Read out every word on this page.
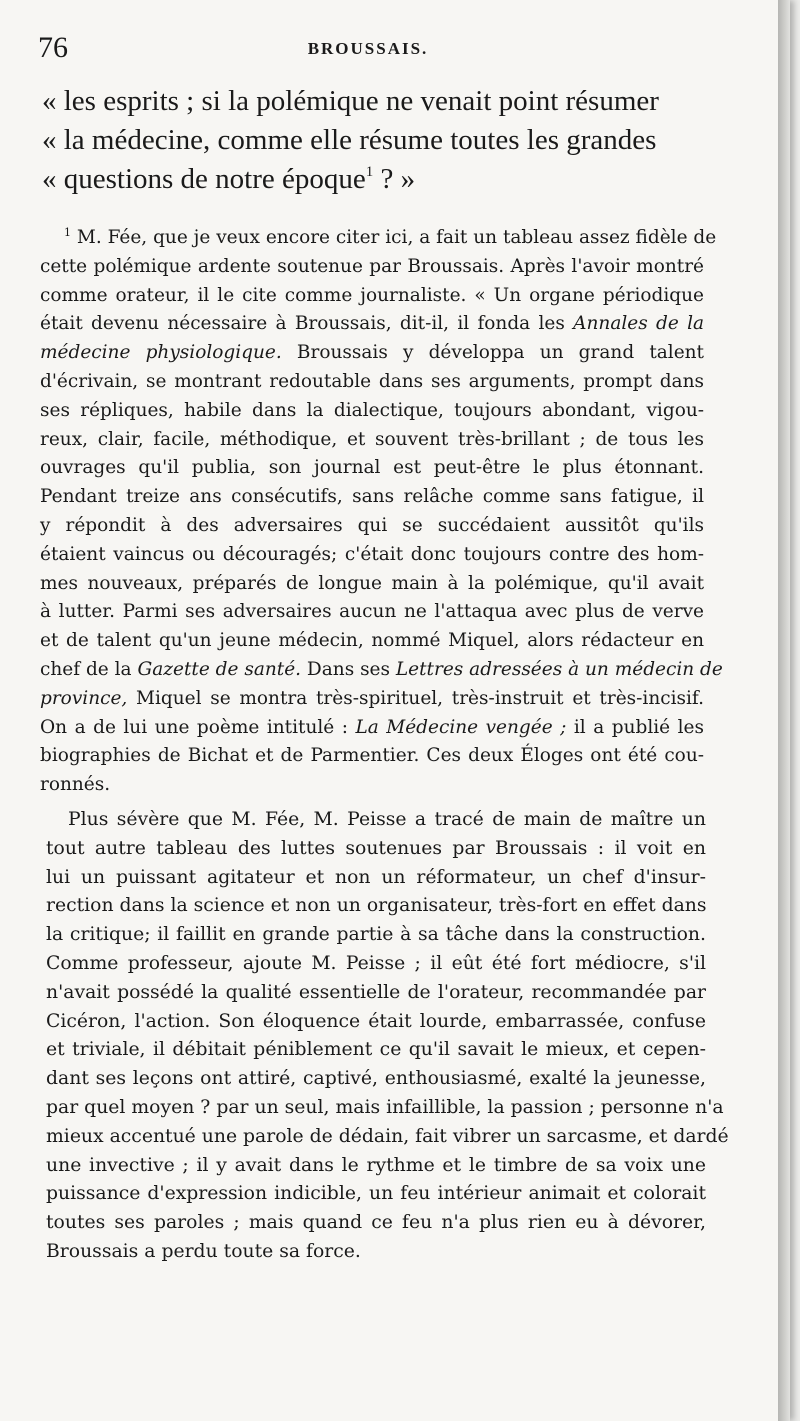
76	BROUSSAIS.
« les esprits ; si la polémique ne venait point résumer
« la médecine, comme elle résume toutes les grandes
« questions de notre époque$^1$ ? »
$^1$ M. Fée, que je veux encore citer ici, a fait un tableau assez fidèle de
cette polémique ardente soutenue par Broussais. Après l'avoir montré
comme orateur, il le cite comme journaliste. « Un organe périodique
était devenu nécessaire à Broussais, dit-il, il fonda les Annales de la
médecine physiologique. Broussais y développa un grand talent
d'écrivain, se montrant redoutable dans ses arguments, prompt dans
ses répliques, habile dans la dialectique, toujours abondant, vigou-
reux, clair, facile, méthodique, et souvent très-brillant ; de tous les
ouvrages qu'il publia, son journal est peut-être le plus étonnant.
Pendant treize ans consécutifs, sans relâche comme sans fatigue, il
y répondit à des adversaires qui se succédaient aussitôt qu'ils
étaient vaincus ou découragés; c'était donc toujours contre des hom-
mes nouveaux, préparés de longue main à la polémique, qu'il avait
à lutter. Parmi ses adversaires aucun ne l'attaqua avec plus de verve
et de talent qu'un jeune médecin, nommé Miquel, alors rédacteur en
chef de la Gazette de santé. Dans ses Lettres adressées à un médecin de
province, Miquel se montra très-spirituel, très-instruit et très-incisif.
On a de lui une poème intitulé : La Médecine vengée ; il a publié les
biographies de Bichat et de Parmentier. Ces deux Éloges ont été cou-
ronnés.
Plus sévère que M. Fée, M. Peisse a tracé de main de maître un
tout autre tableau des luttes soutenues par Broussais : il voit en
lui un puissant agitateur et non un réformateur, un chef d'insur-
rection dans la science et non un organisateur, très-fort en effet dans
la critique; il faillit en grande partie à sa tâche dans la construction.
Comme professeur, ajoute M. Peisse ; il eût été fort médiocre, s'il
n'avait possédé la qualité essentielle de l'orateur, recommandée par
Cicéron, l'action. Son éloquence était lourde, embarrassée, confuse
et triviale, il débitait péniblement ce qu'il savait le mieux, et cepen-
dant ses leçons ont attiré, captivé, enthousiasmé, exalté la jeunesse,
par quel moyen ? par un seul, mais infaillible, la passion ; personne n'a
mieux accentué une parole de dédain, fait vibrer un sarcasme, et dardé
une invective ; il y avait dans le rythme et le timbre de sa voix une
puissance d'expression indicible, un feu intérieur animait et colorait
toutes ses paroles ; mais quand ce feu n'a plus rien eu à dévorer,
Broussais a perdu toute sa force.
